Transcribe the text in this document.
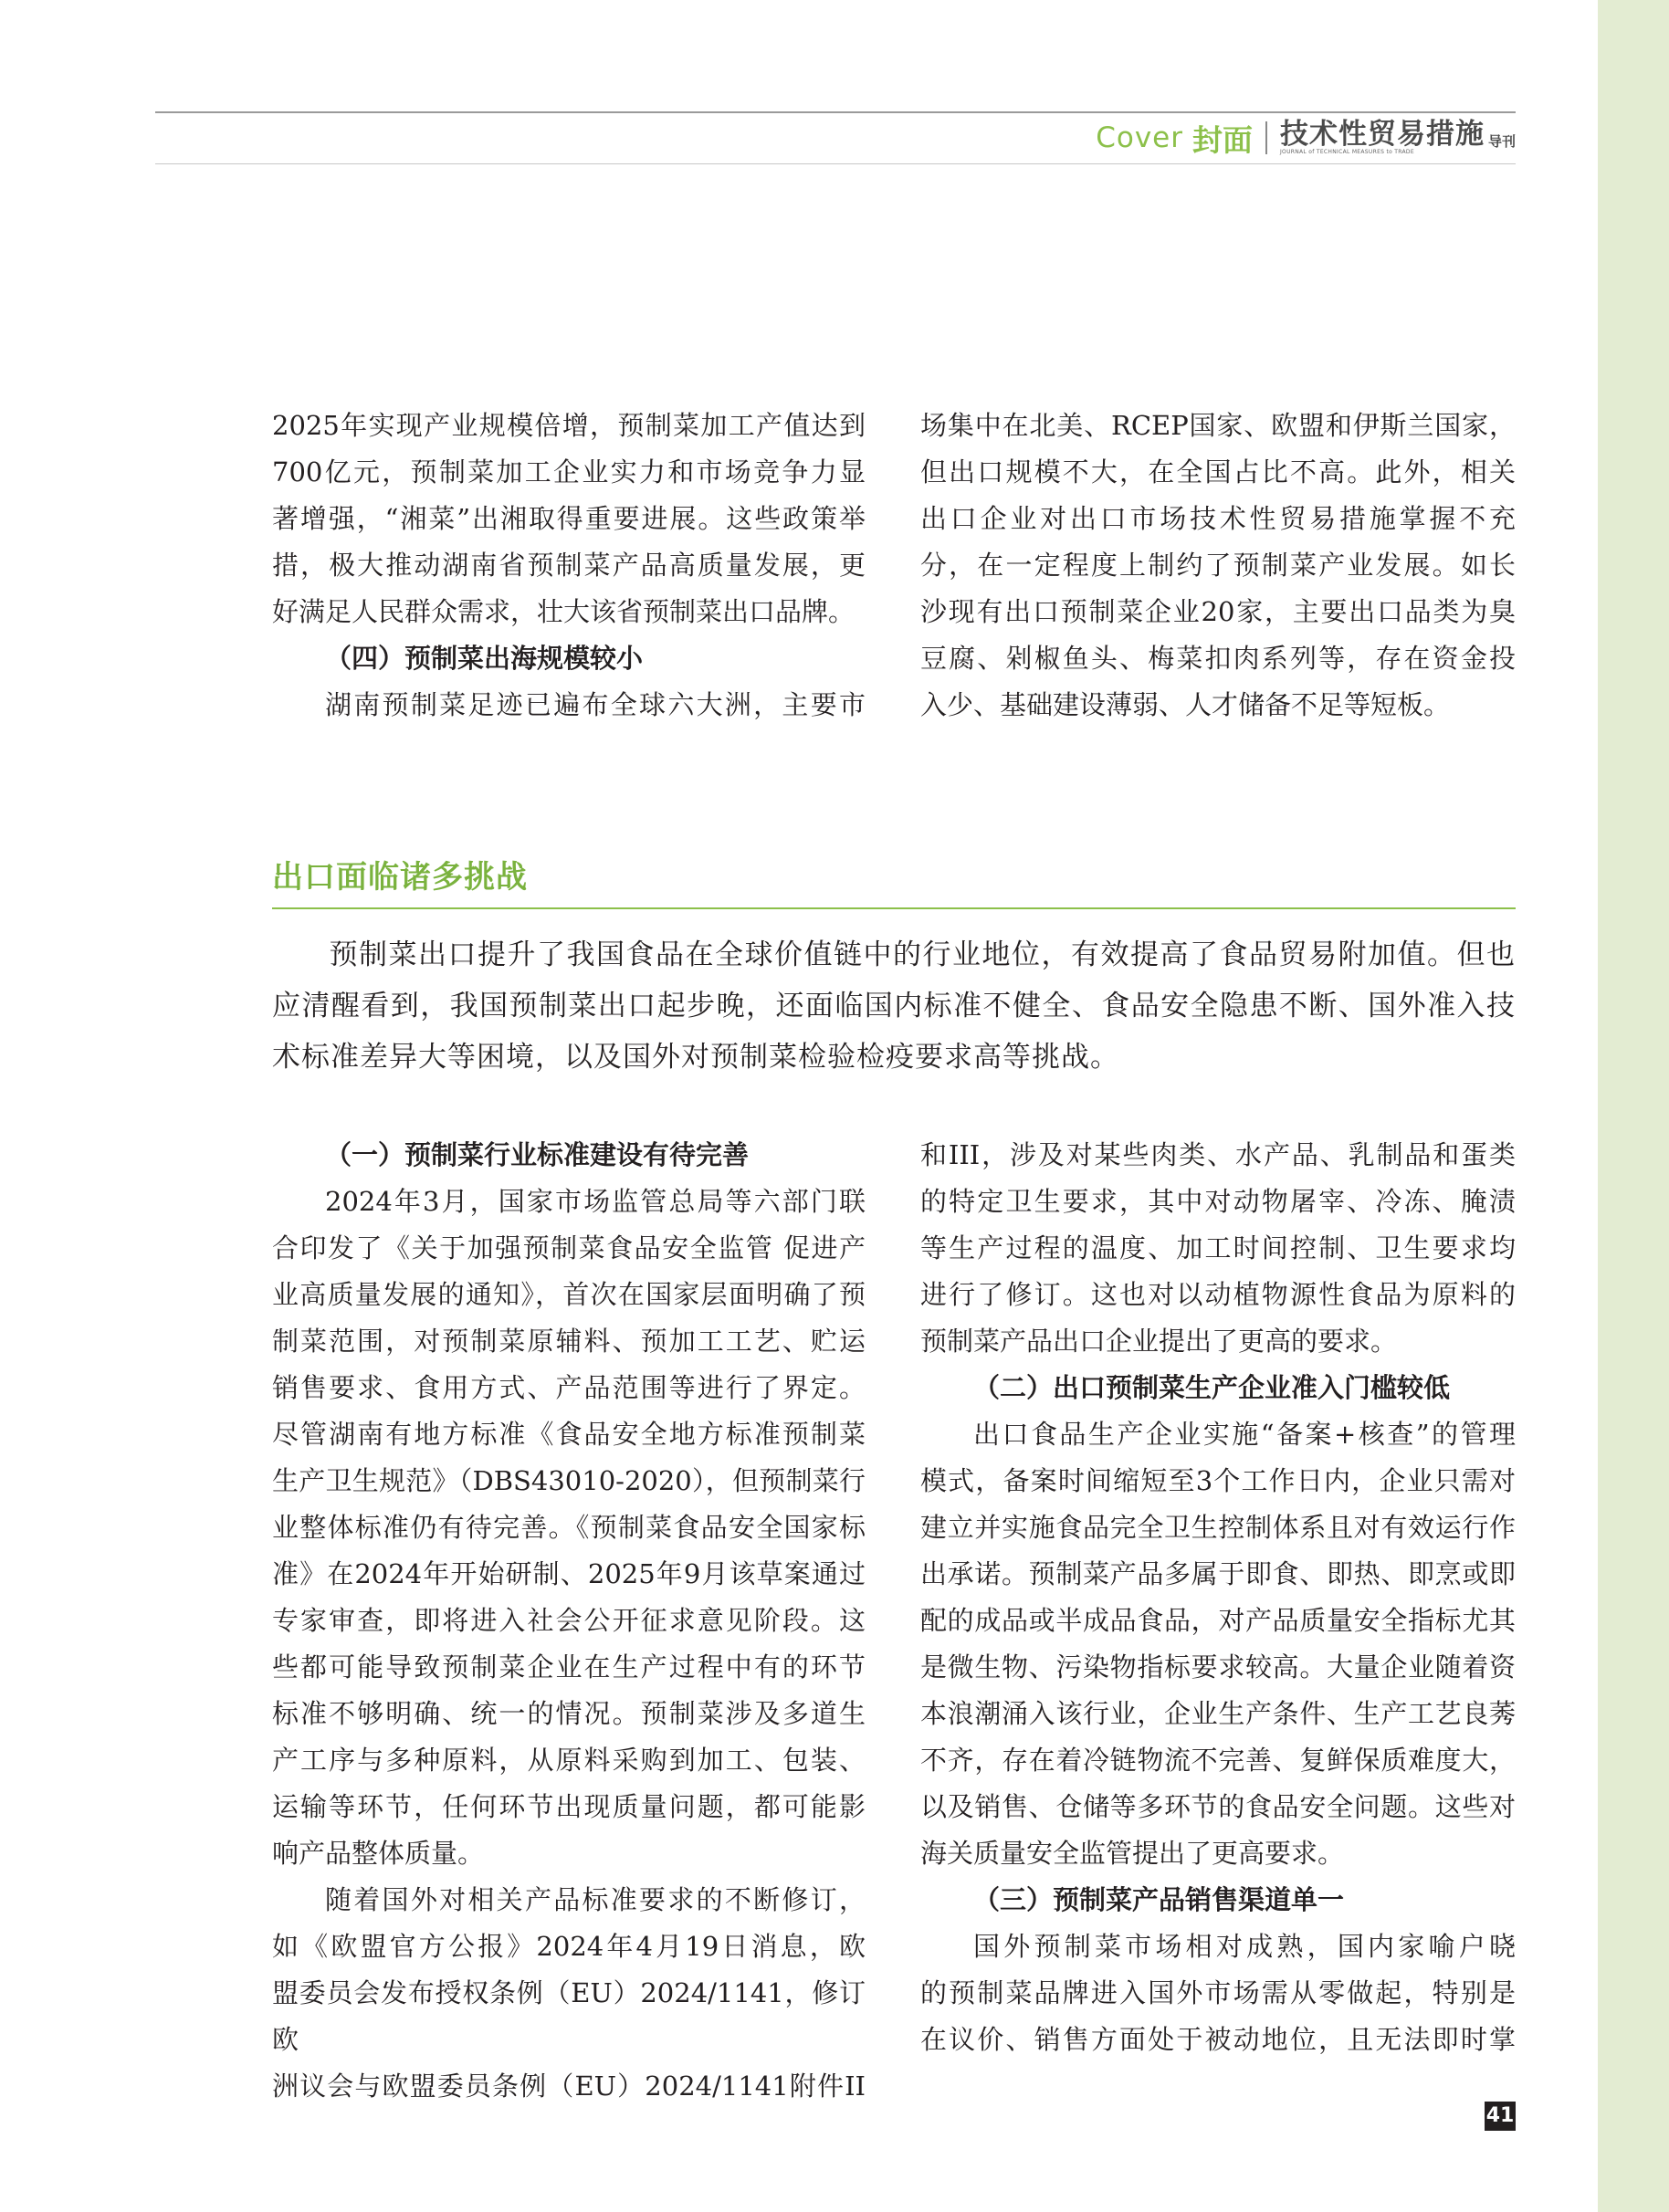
Cover 封面 技术性贸易措施 导刊
JOURNAL of TECHNICAL MEASURES to TRADE

2025年实现产业规模倍增，预制菜加工产值达到

700亿元，预制菜加工企业实力和市场竞争力显

著增强，“湘菜”出湘取得重要进展。这些政策举

措，极大推动湖南省预制菜产品高质量发展，更

好满足人民群众需求，壮大该省预制菜出口品牌。

（四）预制菜出海规模较小

湖南预制菜足迹已遍布全球六大洲，主要市

场集中在北美、RCEP国家、欧盟和伊斯兰国家，

但出口规模不大，在全国占比不高。此外，相关

出口企业对出口市场技术性贸易措施掌握不充

分，在一定程度上制约了预制菜产业发展。如长

沙现有出口预制菜企业20家，主要出口品类为臭

豆腐、剁椒鱼头、梅菜扣肉系列等，存在资金投

入少、基础建设薄弱、人才储备不足等短板。

出口面临诸多挑战

预制菜出口提升了我国食品在全球价值链中的行业地位，有效提高了食品贸易附加值。但也应清醒看到，我国预制菜出口起步晚，还面临国内标准不健全、食品安全隐患不断、国外准入技术标准差异大等困境，以及国外对预制菜检验检疫要求高等挑战。

（一）预制菜行业标准建设有待完善

2024年3月，国家市场监管总局等六部门联

合印发了《关于加强预制菜食品安全监管 促进产

业高质量发展的通知》，首次在国家层面明确了预

制菜范围，对预制菜原辅料、预加工工艺、贮运

销售要求、食用方式、产品范围等进行了界定。

尽管湖南有地方标准《食品安全地方标准预制菜

生产卫生规范》（DBS43010-2020），但预制菜行

业整体标准仍有待完善。《预制菜食品安全国家标

准》在2024年开始研制、2025年9月该草案通过

专家审查，即将进入社会公开征求意见阶段。这

些都可能导致预制菜企业在生产过程中有的环节

标准不够明确、统一的情况。预制菜涉及多道生

产工序与多种原料，从原料采购到加工、包装、

运输等环节，任何环节出现质量问题，都可能影

响产品整体质量。

随着国外对相关产品标准要求的不断修订，

如《欧盟官方公报》2024年4月19日消息，欧

盟委员会发布授权条例（EU）2024/1141，修订欧

洲议会与欧盟委员条例（EU）2024/1141附件II

和III，涉及对某些肉类、水产品、乳制品和蛋类

的特定卫生要求，其中对动物屠宰、冷冻、腌渍

等生产过程的温度、加工时间控制、卫生要求均

进行了修订。这也对以动植物源性食品为原料的

预制菜产品出口企业提出了更高的要求。

（二）出口预制菜生产企业准入门槛较低

出口食品生产企业实施“备案+核查”的管理

模式，备案时间缩短至3个工作日内，企业只需对

建立并实施食品完全卫生控制体系且对有效运行作

出承诺。预制菜产品多属于即食、即热、即烹或即

配的成品或半成品食品，对产品质量安全指标尤其

是微生物、污染物指标要求较高。大量企业随着资

本浪潮涌入该行业，企业生产条件、生产工艺良莠

不齐，存在着冷链物流不完善、复鲜保质难度大，

以及销售、仓储等多环节的食品安全问题。这些对

海关质量安全监管提出了更高要求。

（三）预制菜产品销售渠道单一

国外预制菜市场相对成熟，国内家喻户晓

的预制菜品牌进入国外市场需从零做起，特别是

在议价、销售方面处于被动地位，且无法即时掌

41
